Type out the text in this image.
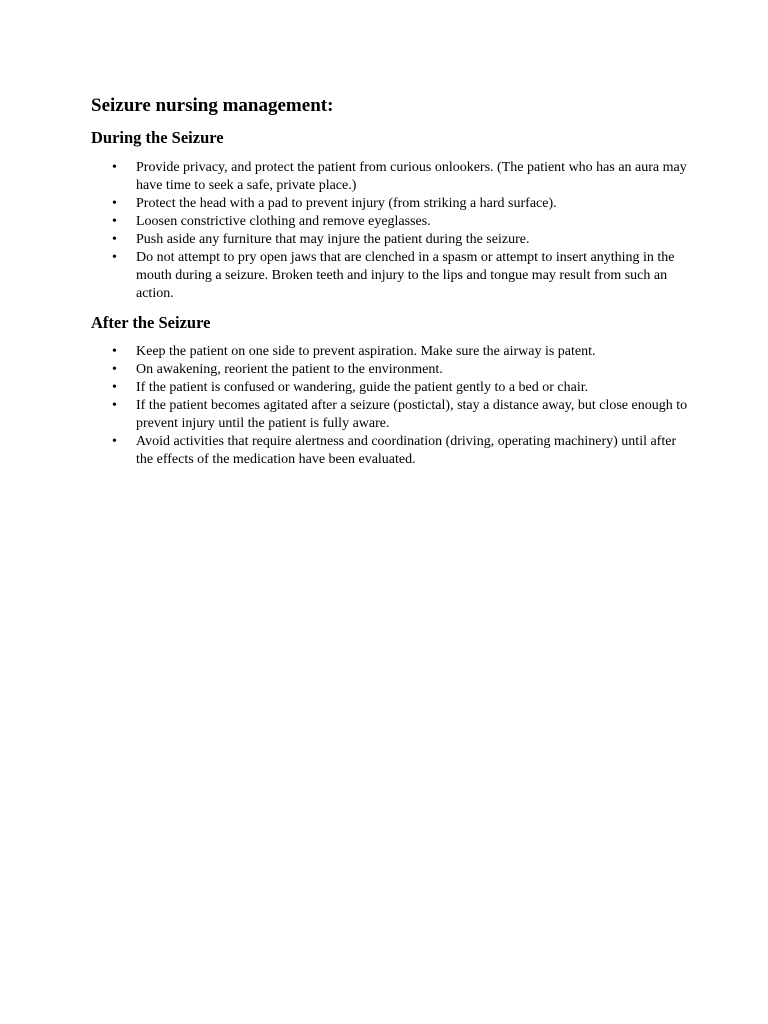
Seizure nursing management:
During the Seizure
• Provide privacy, and protect the patient from curious onlookers. (The patient who has an aura may have time to seek a safe, private place.)
• Protect the head with a pad to prevent injury (from striking a hard surface).
• Loosen constrictive clothing and remove eyeglasses.
• Push aside any furniture that may injure the patient during the seizure.
• Do not attempt to pry open jaws that are clenched in a spasm or attempt to insert anything in the mouth during a seizure. Broken teeth and injury to the lips and tongue may result from such an action.
After the Seizure
• Keep the patient on one side to prevent aspiration. Make sure the airway is patent.
• On awakening, reorient the patient to the environment.
• If the patient is confused or wandering, guide the patient gently to a bed or chair.
• If the patient becomes agitated after a seizure (postictal), stay a distance away, but close enough to prevent injury until the patient is fully aware.
• Avoid activities that require alertness and coordination (driving, operating machinery) until after the effects of the medication have been evaluated.
